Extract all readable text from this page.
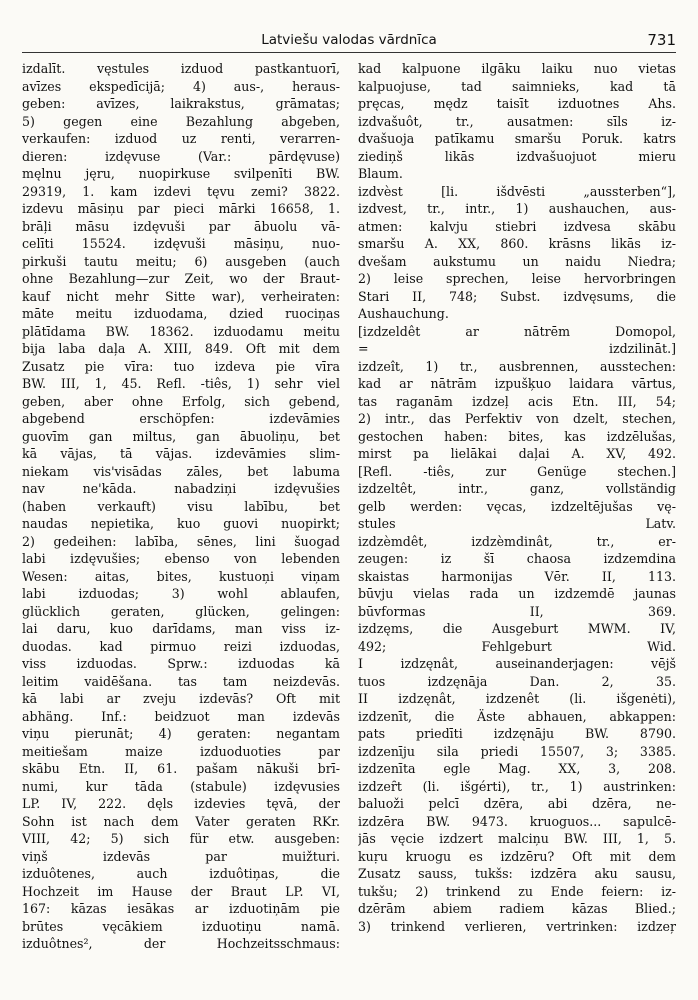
Latviešu valodas vārdnīca	731
izdalīt. vęstules izduod pastkantuorī,
avīzes ekspedīcijā; 4) aus-, heraus-
geben: avīzes, laikrakstus, grāmatas;
5) gegen eine Bezahlung abgeben,
verkaufen: izduod uz renti, verarren-
dieren: izdęvuse (Var.: pārdęvuse)
męlnu jęru, nuopirkuse svilpenīti BW.
29319, 1. kam izdevi tęvu zemi? 3822.
izdevu māsiņu par pieci mārki 16658, 1.
brāļi māsu izdęvuši par ābuolu vā-
celīti 15524. izdęvuši māsiņu, nuo-
pirkuši tautu meitu; 6) ausgeben (auch
ohne Bezahlung—zur Zeit, wo der Braut-
kauf nicht mehr Sitte war), verheiraten:
māte meitu izduodama, dzied ruociņas
plātīdama BW. 18362. izduodamu meitu
bija laba daļa A. XIII, 849. Oft mit dem
Zusatz pie vīra: tuo izdeva pie vīra
BW. III, 1, 45. Refl. -tiês, 1) sehr viel
geben, aber ohne Erfolg, sich gebend,
abgebend erschöpfen: izdevāmies
guovīm gan miltus, gan ābuoliņu, bet
kā vājas, tā vājas. izdevāmies slim-
niekam vis'visādas zāles, bet labuma
nav ne'kāda. nabadziņi izdęvušies
(haben verkauft) visu labību, bet
naudas nepietika, kuo guovi nuopirkt;
2) gedeihen: labība, sēnes, lini šuogad
labi izdęvušies; ebenso von lebenden
Wesen: aitas, bites, kustuoņi viņam
labi izduodas; 3) wohl ablaufen,
glücklich geraten, glücken, gelingen:
lai daru, kuo darīdams, man viss iz-
duodas. kad pirmuo reizi izduodas,
viss izduodas. Sprw.: izduodas kā
leitim vaidēšana. tas tam neizdevās.
kā labi ar zveju izdevās? Oft mit
abhäng. Inf.: beidzuot man izdevās
viņu pierunāt; 4) geraten: negantam
meitiešam maize izduoduoties par
skābu Etn. II, 61. pašam nākuši brī-
numi, kur tāda (stabule) izdęvusies
LP. IV, 222. dęls izdevies tęvā, der
Sohn ist nach dem Vater geraten RKr.
VIII, 42; 5) sich für etw. ausgeben:
viņš izdevās par muižturi.
izduôtenes, auch izduôtiņas, die
Hochzeit im Hause der Braut LP. VI,
167: kāzas iesākas ar izduotiņām pie
brūtes vęcākiem izduotiņu namā.
izduôtnes², der Hochzeitsschmaus:
kad kalpuone ilgāku laiku nuo vietas
kalpuojuse, tad saimnieks, kad tā
pręcas, mędz taisīt izduotnes Ahs.
izdvašuôt, tr., ausatmen: sīls iz-
dvašuoja patīkamu smaršu Poruk. katrs
ziediņš likās izdvašuojuot mieru
Blaum.
izdvèst [li. išdvēsti „aussterben“],
izdvest, tr., intr., 1) aushauchen, aus-
atmen: kalvju stiebri izdvesa skābu
smaršu A. XX, 860. krāsns likās iz-
dvešam aukstumu un naidu Niedra;
2) leise sprechen, leise hervorbringen
Stari II, 748; Subst. izdvęsums, die
Aushauchung.
[izdzeldêt ar nātrēm Domopol,
= izdzilināt.]
izdzeît, 1) tr., ausbrennen, ausstechen:
kad ar nātrām izpušķuo laidara vārtus,
tas raganām izdzeļ acis Etn. III, 54;
2) intr., das Perfektiv von dzelt, stechen,
gestochen haben: bites, kas izdzēlušas,
mirst pa lielākai daļai A. XV, 492.
[Refl. -tiês, zur Genüge stechen.]
izdzeltêt, intr., ganz, vollständig
gelb werden: vęcas, izdzeltējušas vę-
stules Latv.
izdzèmdêt, izdzèmdinât, tr., er-
zeugen: iz šī chaosa izdzemdina
skaistas harmonijas Vēr. II, 113.
būvju vielas rada un izdzemdē jaunas
būvformas II, 369.
izdzęms, die Ausgeburt MWM. IV,
492; Fehlgeburt Wid.
I izdzęnât, auseinanderjagen: vējš
tuos izdzęnāja Dan. 2, 35.
II izdzęnât, izdzenêt (li. išgenėti),
izdzenīt, die Äste abhauen, abkappen:
pats priedīti izdzęnāju BW. 8790.
izdzenīju sila priedi 15507, 3; 3385.
izdzenīta egle Mag. XX, 3, 208.
izdzeȓt (li. išgérti), tr., 1) austrinken:
baluoži pelcī dzēra, abi dzēra, ne-
izdzēra BW. 9473. kruoguos... sapulcē-
jās vęcie izdzert malciņu BW. III, 1, 5.
kuṛu kruogu es izdzēru? Oft mit dem
Zusatz sauss, tukšs: izdzēra aku sausu,
tukšu; 2) trinkend zu Ende feiern: iz-
dzērām abiem radiem kāzas Blied.;
3) trinkend verlieren, vertrinken: izdzeŗ
